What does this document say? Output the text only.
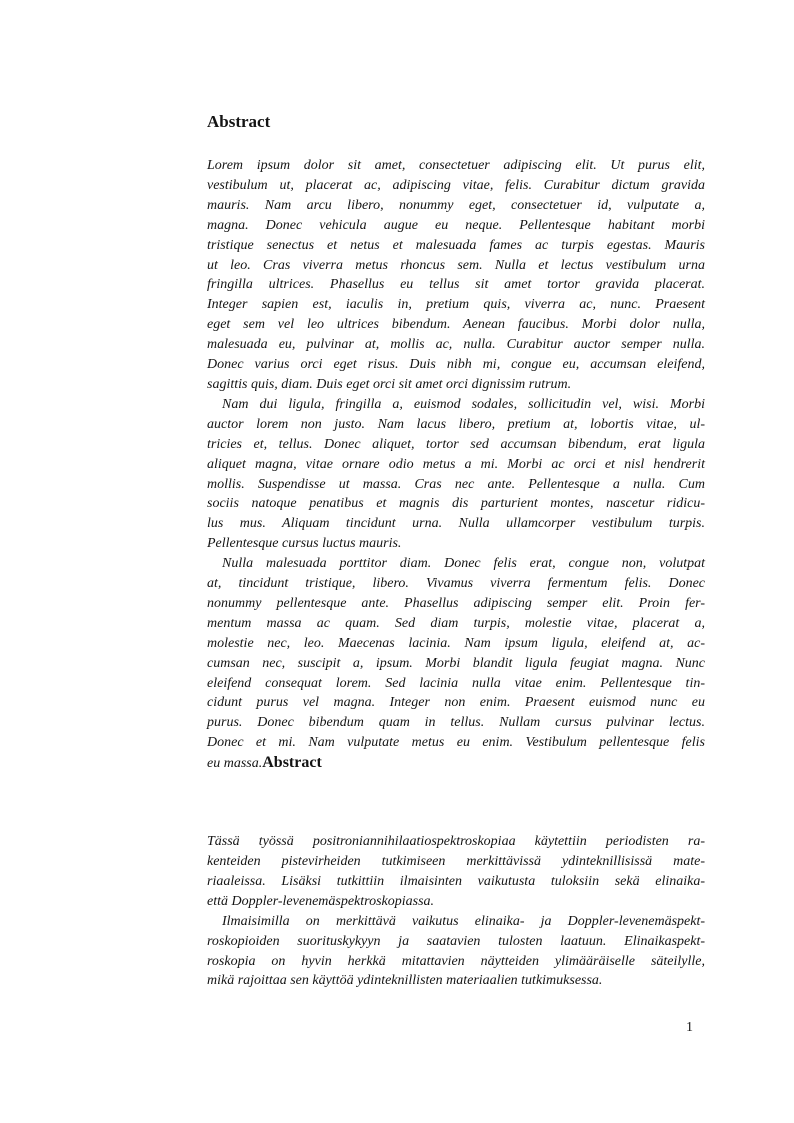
Abstract
Lorem ipsum dolor sit amet, consectetuer adipiscing elit. Ut purus elit,
vestibulum ut, placerat ac, adipiscing vitae, felis. Curabitur dictum gravida
mauris. Nam arcu libero, nonummy eget, consectetuer id, vulputate a,
magna. Donec vehicula augue eu neque. Pellentesque habitant morbi
tristique senectus et netus et malesuada fames ac turpis egestas. Mauris
ut leo. Cras viverra metus rhoncus sem. Nulla et lectus vestibulum urna
fringilla ultrices. Phasellus eu tellus sit amet tortor gravida placerat.
Integer sapien est, iaculis in, pretium quis, viverra ac, nunc. Praesent
eget sem vel leo ultrices bibendum. Aenean faucibus. Morbi dolor nulla,
malesuada eu, pulvinar at, mollis ac, nulla. Curabitur auctor semper nulla.
Donec varius orci eget risus. Duis nibh mi, congue eu, accumsan eleifend,
sagittis quis, diam. Duis eget orci sit amet orci dignissim rutrum.
Nam dui ligula, fringilla a, euismod sodales, sollicitudin vel, wisi. Morbi
auctor lorem non justo. Nam lacus libero, pretium at, lobortis vitae, ul-
tricies et, tellus. Donec aliquet, tortor sed accumsan bibendum, erat ligula
aliquet magna, vitae ornare odio metus a mi. Morbi ac orci et nisl hendrerit
mollis. Suspendisse ut massa. Cras nec ante. Pellentesque a nulla. Cum
sociis natoque penatibus et magnis dis parturient montes, nascetur ridicu-
lus mus. Aliquam tincidunt urna. Nulla ullamcorper vestibulum turpis.
Pellentesque cursus luctus mauris.
Nulla malesuada porttitor diam. Donec felis erat, congue non, volutpat
at, tincidunt tristique, libero. Vivamus viverra fermentum felis. Donec
nonummy pellentesque ante. Phasellus adipiscing semper elit. Proin fer-
mentum massa ac quam. Sed diam turpis, molestie vitae, placerat a,
molestie nec, leo. Maecenas lacinia. Nam ipsum ligula, eleifend at, ac-
cumsan nec, suscipit a, ipsum. Morbi blandit ligula feugiat magna. Nunc
eleifend consequat lorem. Sed lacinia nulla vitae enim. Pellentesque tin-
cidunt purus vel magna. Integer non enim. Praesent euismod nunc eu
purus. Donec bibendum quam in tellus. Nullam cursus pulvinar lectus.
Donec et mi. Nam vulputate metus eu enim. Vestibulum pellentesque felis
eu massa.Abstract
Tässä työssä positroniannihilaatiospektroskopiaa käytettiin periodisten ra-
kenteiden pistevirheiden tutkimiseen merkittävissä ydinteknillisissä mate-
riaaleissa. Lisäksi tutkittiin ilmaisinten vaikutusta tuloksiin sekä elinaika-
että Doppler-levenemäspektroskopiassa.
Ilmaisimilla on merkittävä vaikutus elinaika- ja Doppler-levenemäspekt-
roskopioiden suorituskykyyn ja saatavien tulosten laatuun. Elinaikaspekt-
roskopia on hyvin herkkä mitattavien näytteiden ylimääräiselle säteilylle,
mikä rajoittaa sen käyttöä ydinteknillisten materiaalien tutkimuksessa.
1
